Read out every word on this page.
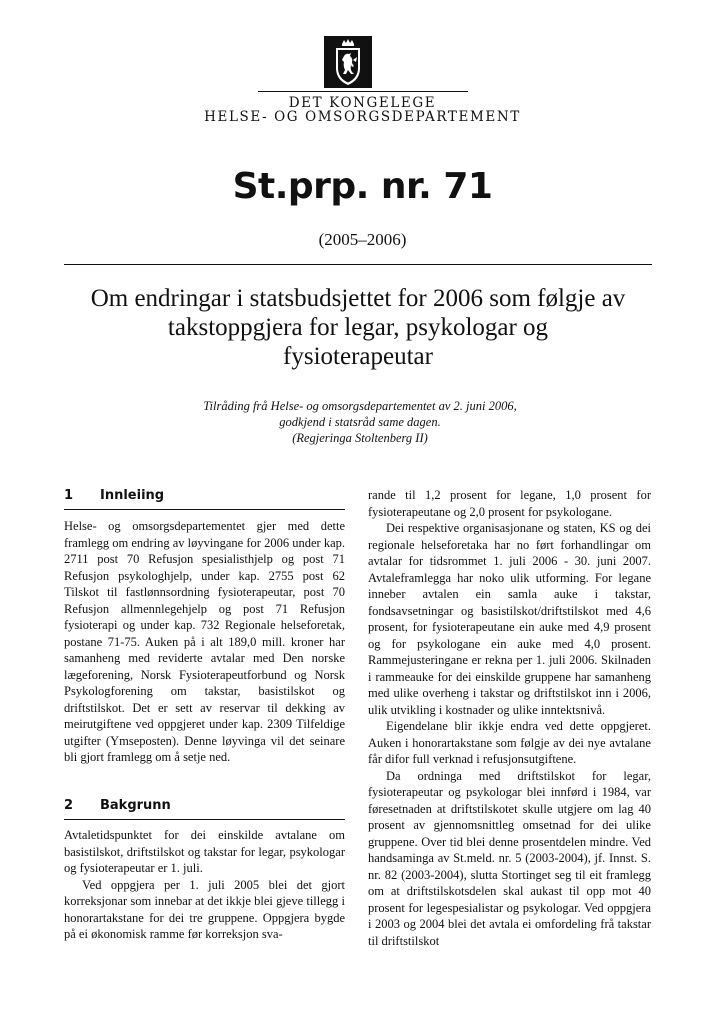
DET KONGELEGE
HELSE- OG OMSORGSDEPARTEMENT
St.prp. nr. 71
(2005–2006)
Om endringar i statsbudsjettet for 2006 som følgje av
takstoppgjera for legar, psykologar og
fysioterapeutar
Tilråding frå Helse- og omsorgsdepartementet av 2. juni 2006,
godkjend i statsråd same dagen.
(Regjeringa Stoltenberg II)
1 Innleiing

Helse- og omsorgsdepartementet gjer med dette framlegg om endring av løyvingane for 2006 under kap. 2711 post 70 Refusjon spesialisthjelp og post 71 Refusjon psykologhjelp, under kap. 2755 post 62 Tilskot til fastlønnsordning fysioterapeutar, post 70 Refusjon allmennlegehjelp og post 71 Refusjon fysioterapi og under kap. 732 Regionale helseforetak, postane 71-75. Auken på i alt 189,0 mill. kroner har samanheng med reviderte avtalar med Den norske lægeforening, Norsk Fysioterapeutforbund og Norsk Psykologforening om takstar, basistilskot og driftstilskot. Det er sett av reservar til dekking av meirutgiftene ved oppgjeret under kap. 2309 Tilfeldige utgifter (Ymseposten). Denne løyvinga vil det seinare bli gjort framlegg om å setje ned.

2 Bakgrunn

Avtaletidspunktet for dei einskilde avtalane om basistilskot, driftstilskot og takstar for legar, psykologar og fysioterapeutar er 1. juli.

Ved oppgjera per 1. juli 2005 blei det gjort korreksjonar som innebar at det ikkje blei gjeve tillegg i honorartakstane for dei tre gruppene. Oppgjera bygde på ei økonomisk ramme før korreksjon sva-

rande til 1,2 prosent for legane, 1,0 prosent for fysioterapeutane og 2,0 prosent for psykologane.

Dei respektive organisasjonane og staten, KS og dei regionale helseforetaka har no ført forhandlingar om avtalar for tidsrommet 1. juli 2006 - 30. juni 2007. Avtaleframlegga har noko ulik utforming. For legane inneber avtalen ein samla auke i takstar, fondsavsetningar og basistilskot/driftstilskot med 4,6 prosent, for fysioterapeutane ein auke med 4,9 prosent og for psykologane ein auke med 4,0 prosent. Rammejusteringane er rekna per 1. juli 2006. Skilnaden i rammeauke for dei einskilde gruppene har samanheng med ulike overheng i takstar og driftstilskot inn i 2006, ulik utvikling i kostnader og ulike inntektsnivå.

Eigendelane blir ikkje endra ved dette oppgjeret. Auken i honorartakstane som følgje av dei nye avtalane får difor full verknad i refusjonsutgiftene.

Da ordninga med driftstilskot for legar, fysioterapeutar og psykologar blei innførd i 1984, var føresetnaden at driftstilskotet skulle utgjere om lag 40 prosent av gjennomsnittleg omsetnad for dei ulike gruppene. Over tid blei denne prosentdelen mindre. Ved handsaminga av St.meld. nr. 5 (2003-2004), jf. Innst. S. nr. 82 (2003-2004), slutta Stortinget seg til eit framlegg om at driftstilskotsdelen skal aukast til opp mot 40 prosent for legespesialistar og psykologar. Ved oppgjera i 2003 og 2004 blei det avtala ei omfordeling frå takstar til driftstilskot
